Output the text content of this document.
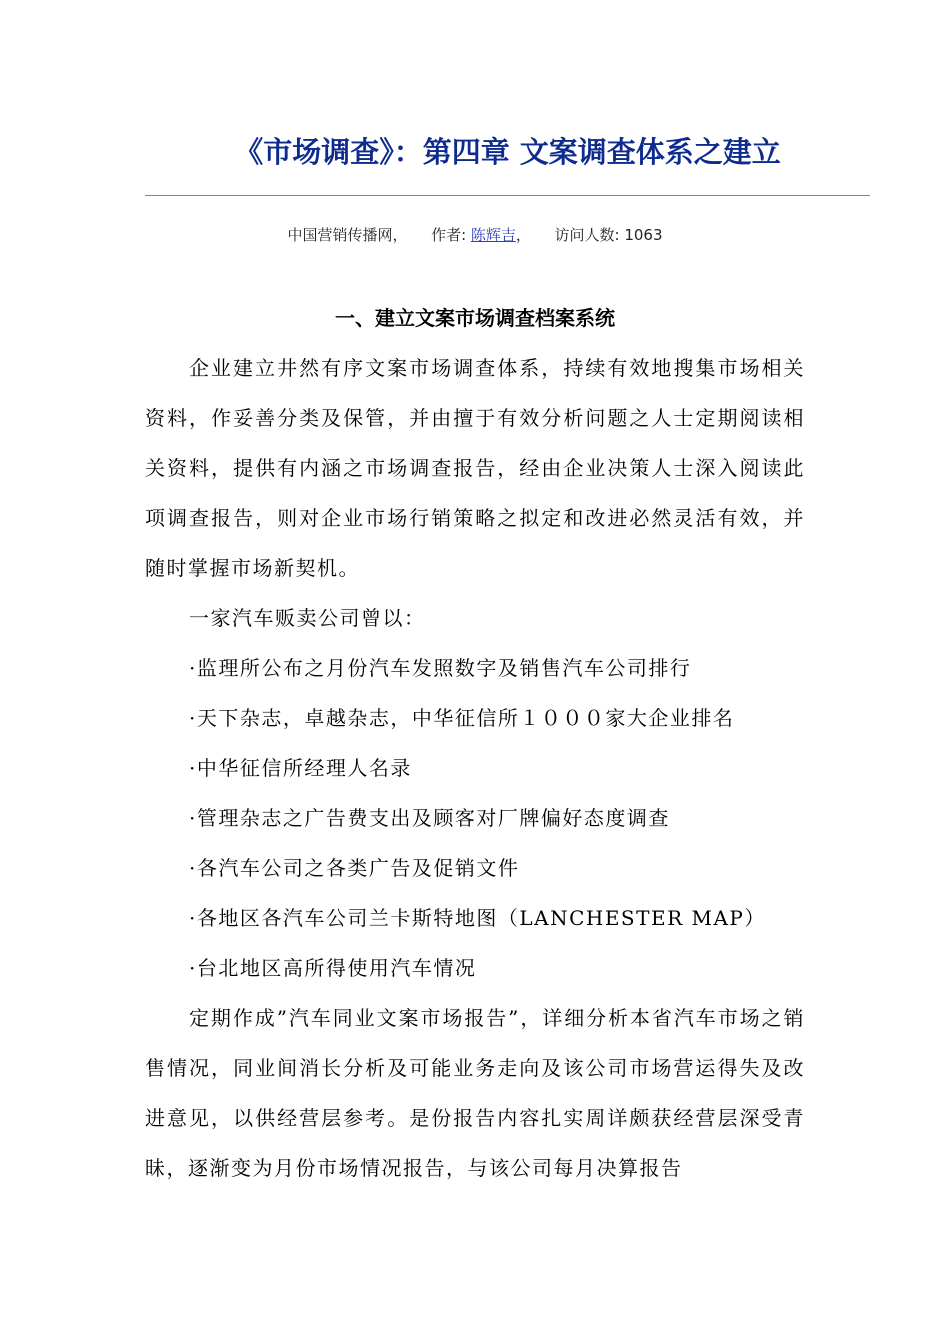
《市场调查》：第四章 文案调查体系之建立
中国营销传播网， 作者: 陈辉吉， 访问人数: 1063
一、建立文案市场调查档案系统

企业建立井然有序文案市场调查体系，持续有效地搜集市场相关资料，作妥善分类及保管，并由擅于有效分析问题之人士定期阅读相关资料，提供有内涵之市场调查报告，经由企业决策人士深入阅读此项调查报告，则对企业市场行销策略之拟定和改进必然灵活有效，并随时掌握市场新契机。

一家汽车贩卖公司曾以：

·监理所公布之月份汽车发照数字及销售汽车公司排行

·天下杂志，卓越杂志，中华征信所１０００家大企业排名

·中华征信所经理人名录

·管理杂志之广告费支出及顾客对厂牌偏好态度调查

·各汽车公司之各类广告及促销文件

·各地区各汽车公司兰卡斯特地图（LANCHESTER MAP）

·台北地区高所得使用汽车情况

定期作成”汽车同业文案市场报告”，详细分析本省汽车市场之销售情况，同业间消长分析及可能业务走向及该公司市场营运得失及改进意见，以供经营层参考。是份报告内容扎实周详颇获经营层深受青昧，逐渐变为月份市场情况报告，与该公司每月决算报告
